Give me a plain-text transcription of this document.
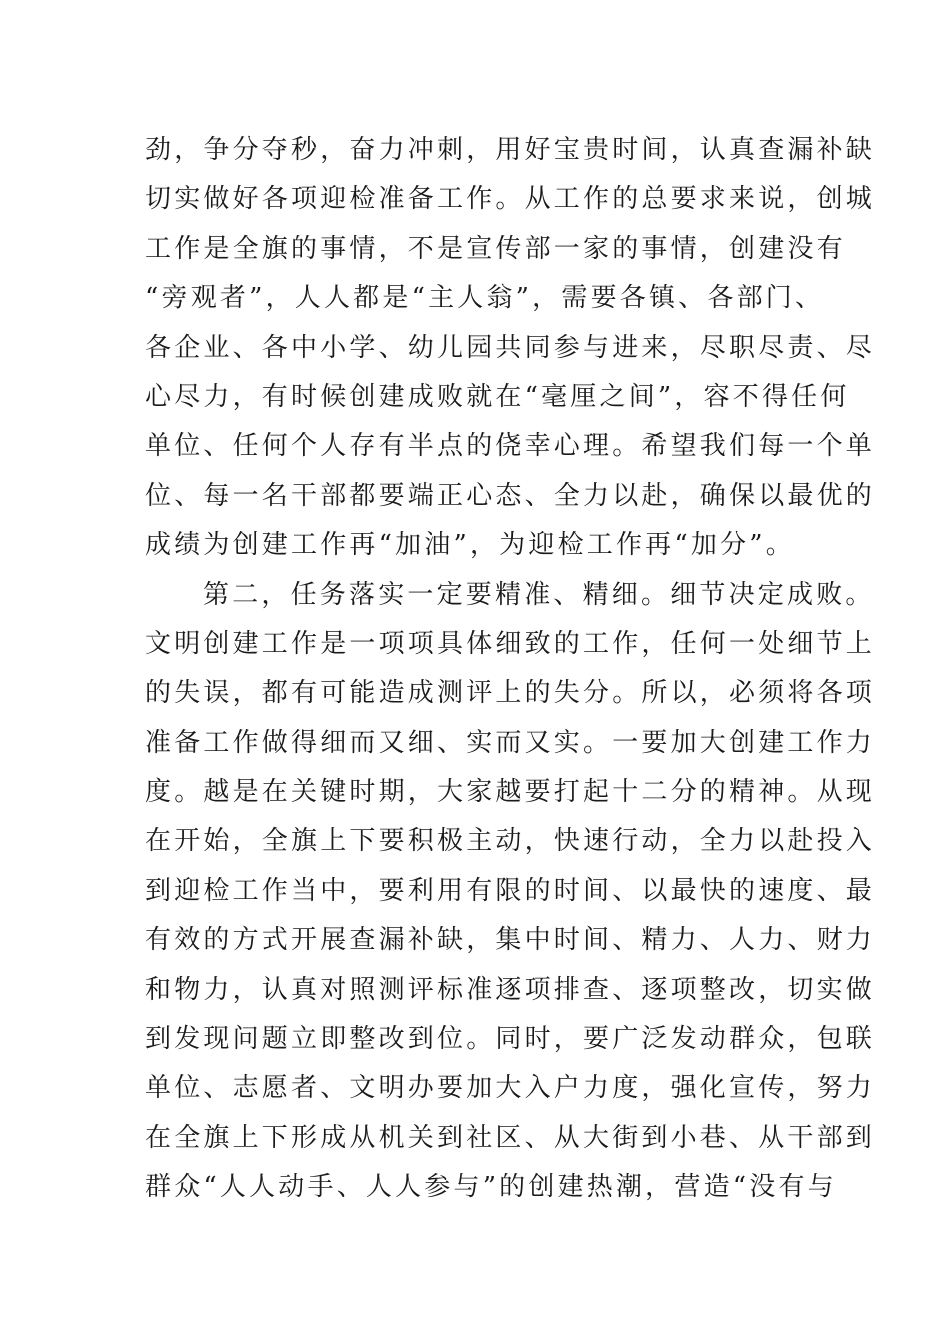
劲，争分夺秒，奋力冲刺，用好宝贵时间，认真查漏补缺
切实做好各项迎检准备工作。从工作的总要求来说，创城
工作是全旗的事情，不是宣传部一家的事情，创建没有
“旁观者”，人人都是“主人翁”，需要各镇、各部门、
各企业、各中小学、幼儿园共同参与进来，尽职尽责、尽
心尽力，有时候创建成败就在“毫厘之间”，容不得任何
单位、任何个人存有半点的侥幸心理。希望我们每一个单
位、每一名干部都要端正心态、全力以赴，确保以最优的
成绩为创建工作再“加油”，为迎检工作再“加分”。
第二，任务落实一定要精准、精细。细节决定成败。
文明创建工作是一项项具体细致的工作，任何一处细节上
的失误，都有可能造成测评上的失分。所以，必须将各项
准备工作做得细而又细、实而又实。一要加大创建工作力
度。越是在关键时期，大家越要打起十二分的精神。从现
在开始，全旗上下要积极主动，快速行动，全力以赴投入
到迎检工作当中，要利用有限的时间、以最快的速度、最
有效的方式开展查漏补缺，集中时间、精力、人力、财力
和物力，认真对照测评标准逐项排查、逐项整改，切实做
到发现问题立即整改到位。同时，要广泛发动群众，包联
单位、志愿者、文明办要加大入户力度，强化宣传，努力
在全旗上下形成从机关到社区、从大街到小巷、从干部到
群众“人人动手、人人参与”的创建热潮，营造“没有与
